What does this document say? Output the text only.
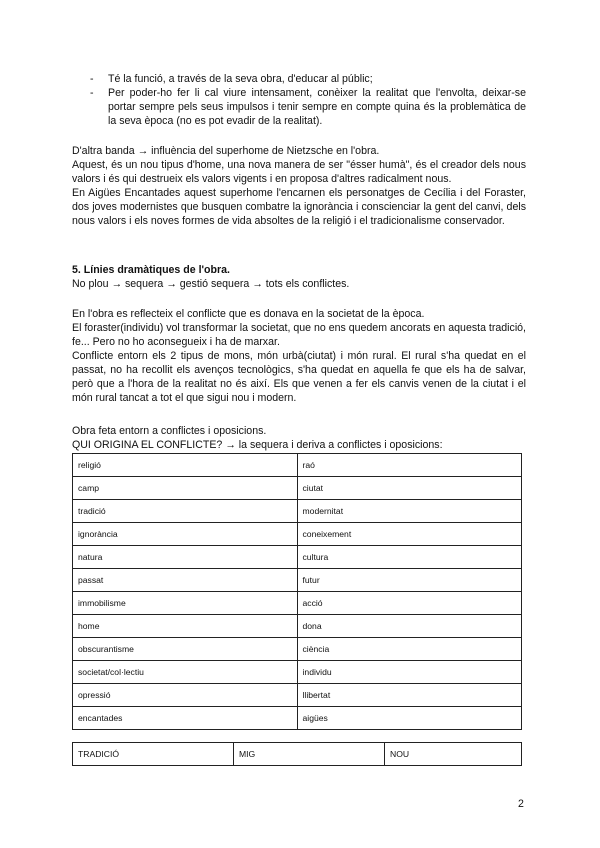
- Té la funció, a través de la seva obra, d'educar al públic;
- Per poder-ho fer li cal viure intensament, conèixer la realitat que l'envolta, deixar-se portar sempre pels seus impulsos i tenir sempre en compte quina és la problemàtica de la seva època (no es pot evadir de la realitat).

D'altra banda → influència del superhome de Nietzsche en l'obra.

Aquest, és un nou tipus d'home, una nova manera de ser "ésser humà", és el creador dels nous valors i és qui destrueix els valors vigents i en proposa d'altres radicalment nous.

En Aigües Encantades aquest superhome l'encarnen els personatges de Cecília i del Foraster, dos joves modernistes que busquen combatre la ignorància i conscienciar la gent del canvi, dels nous valors i els noves formes de vida absoltes de la religió i el tradicionalisme conservador.

5. Línies dramàtiques de l'obra.

No plou → sequera → gestió sequera → tots els conflictes.

En l'obra es reflecteix el conflicte que es donava en la societat de la època.

El foraster(individu) vol transformar la societat, que no ens quedem ancorats en aquesta tradició, fe... Pero no ho aconsegueix i ha de marxar.

Conflicte entorn els 2 tipus de mons, món urbà(ciutat) i món rural. El rural s'ha quedat en el passat, no ha recollit els avenços tecnològics, s'ha quedat en aquella fe que els ha de salvar, però que a l'hora de la realitat no és així. Els que venen a fer els canvis venen de la ciutat i el món rural tancat a tot el que sigui nou i modern.

Obra feta entorn a conflictes i oposicions.

QUI ORIGINA EL CONFLICTE? → la sequera i deriva a conflictes i oposicions:

religió	raó
camp	ciutat
tradició	modernitat
ignorància	coneixement
natura	cultura
passat	futur
immobilisme	acció
home	dona
obscurantisme	ciència
societat/col·lectiu	individu
opressió	llibertat
encantades	aigües
TRADICIÓ	MIG	NOU
2
